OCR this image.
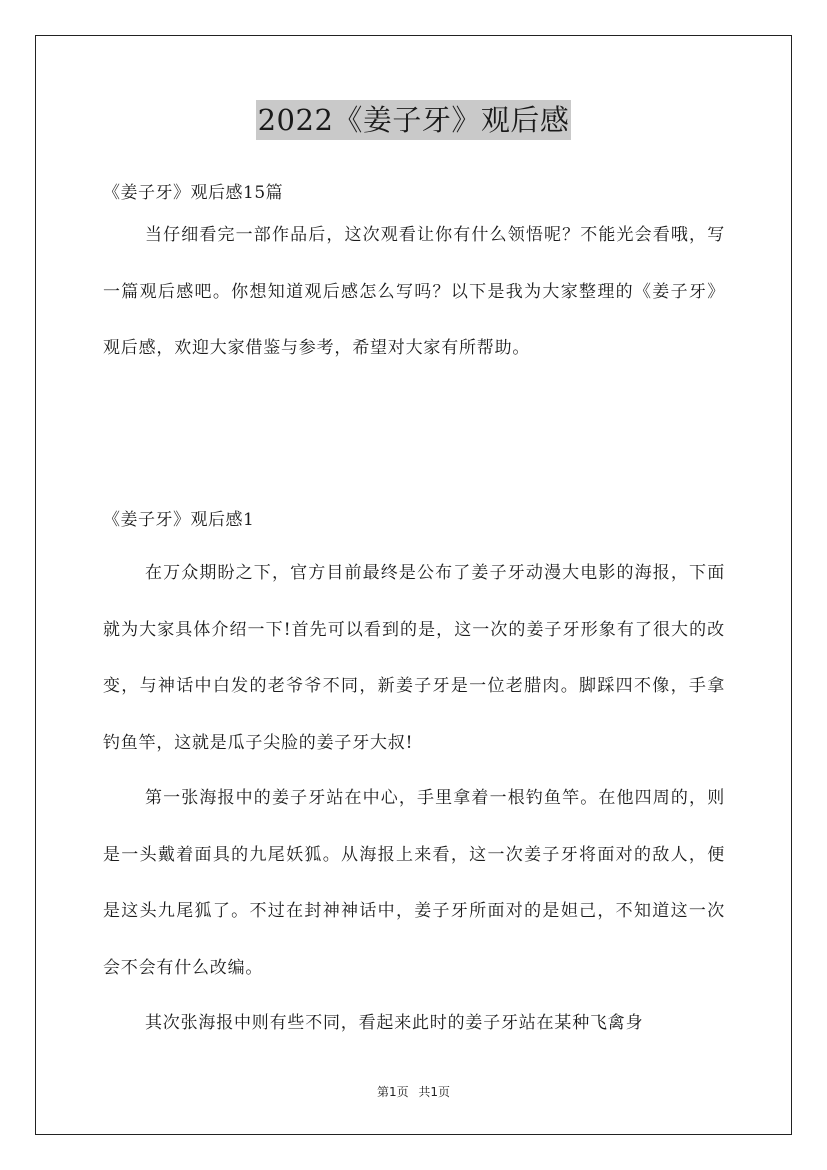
2022《姜子牙》观后感
《姜子牙》观后感15篇

当仔细看完一部作品后，这次观看让你有什么领悟呢？不能光会看哦，写一篇观后感吧。你想知道观后感怎么写吗？以下是我为大家整理的《姜子牙》观后感，欢迎大家借鉴与参考，希望对大家有所帮助。

《姜子牙》观后感1

在万众期盼之下，官方目前最终是公布了姜子牙动漫大电影的海报，下面就为大家具体介绍一下!首先可以看到的是，这一次的姜子牙形象有了很大的改变，与神话中白发的老爷爷不同，新姜子牙是一位老腊肉。脚踩四不像，手拿钓鱼竿，这就是瓜子尖脸的姜子牙大叔!

第一张海报中的姜子牙站在中心，手里拿着一根钓鱼竿。在他四周的，则是一头戴着面具的九尾妖狐。从海报上来看，这一次姜子牙将面对的敌人，便是这头九尾狐了。不过在封神神话中，姜子牙所面对的是妲己，不知道这一次会不会有什么改编。

其次张海报中则有些不同，看起来此时的姜子牙站在某种飞禽身

第1页 共1页
